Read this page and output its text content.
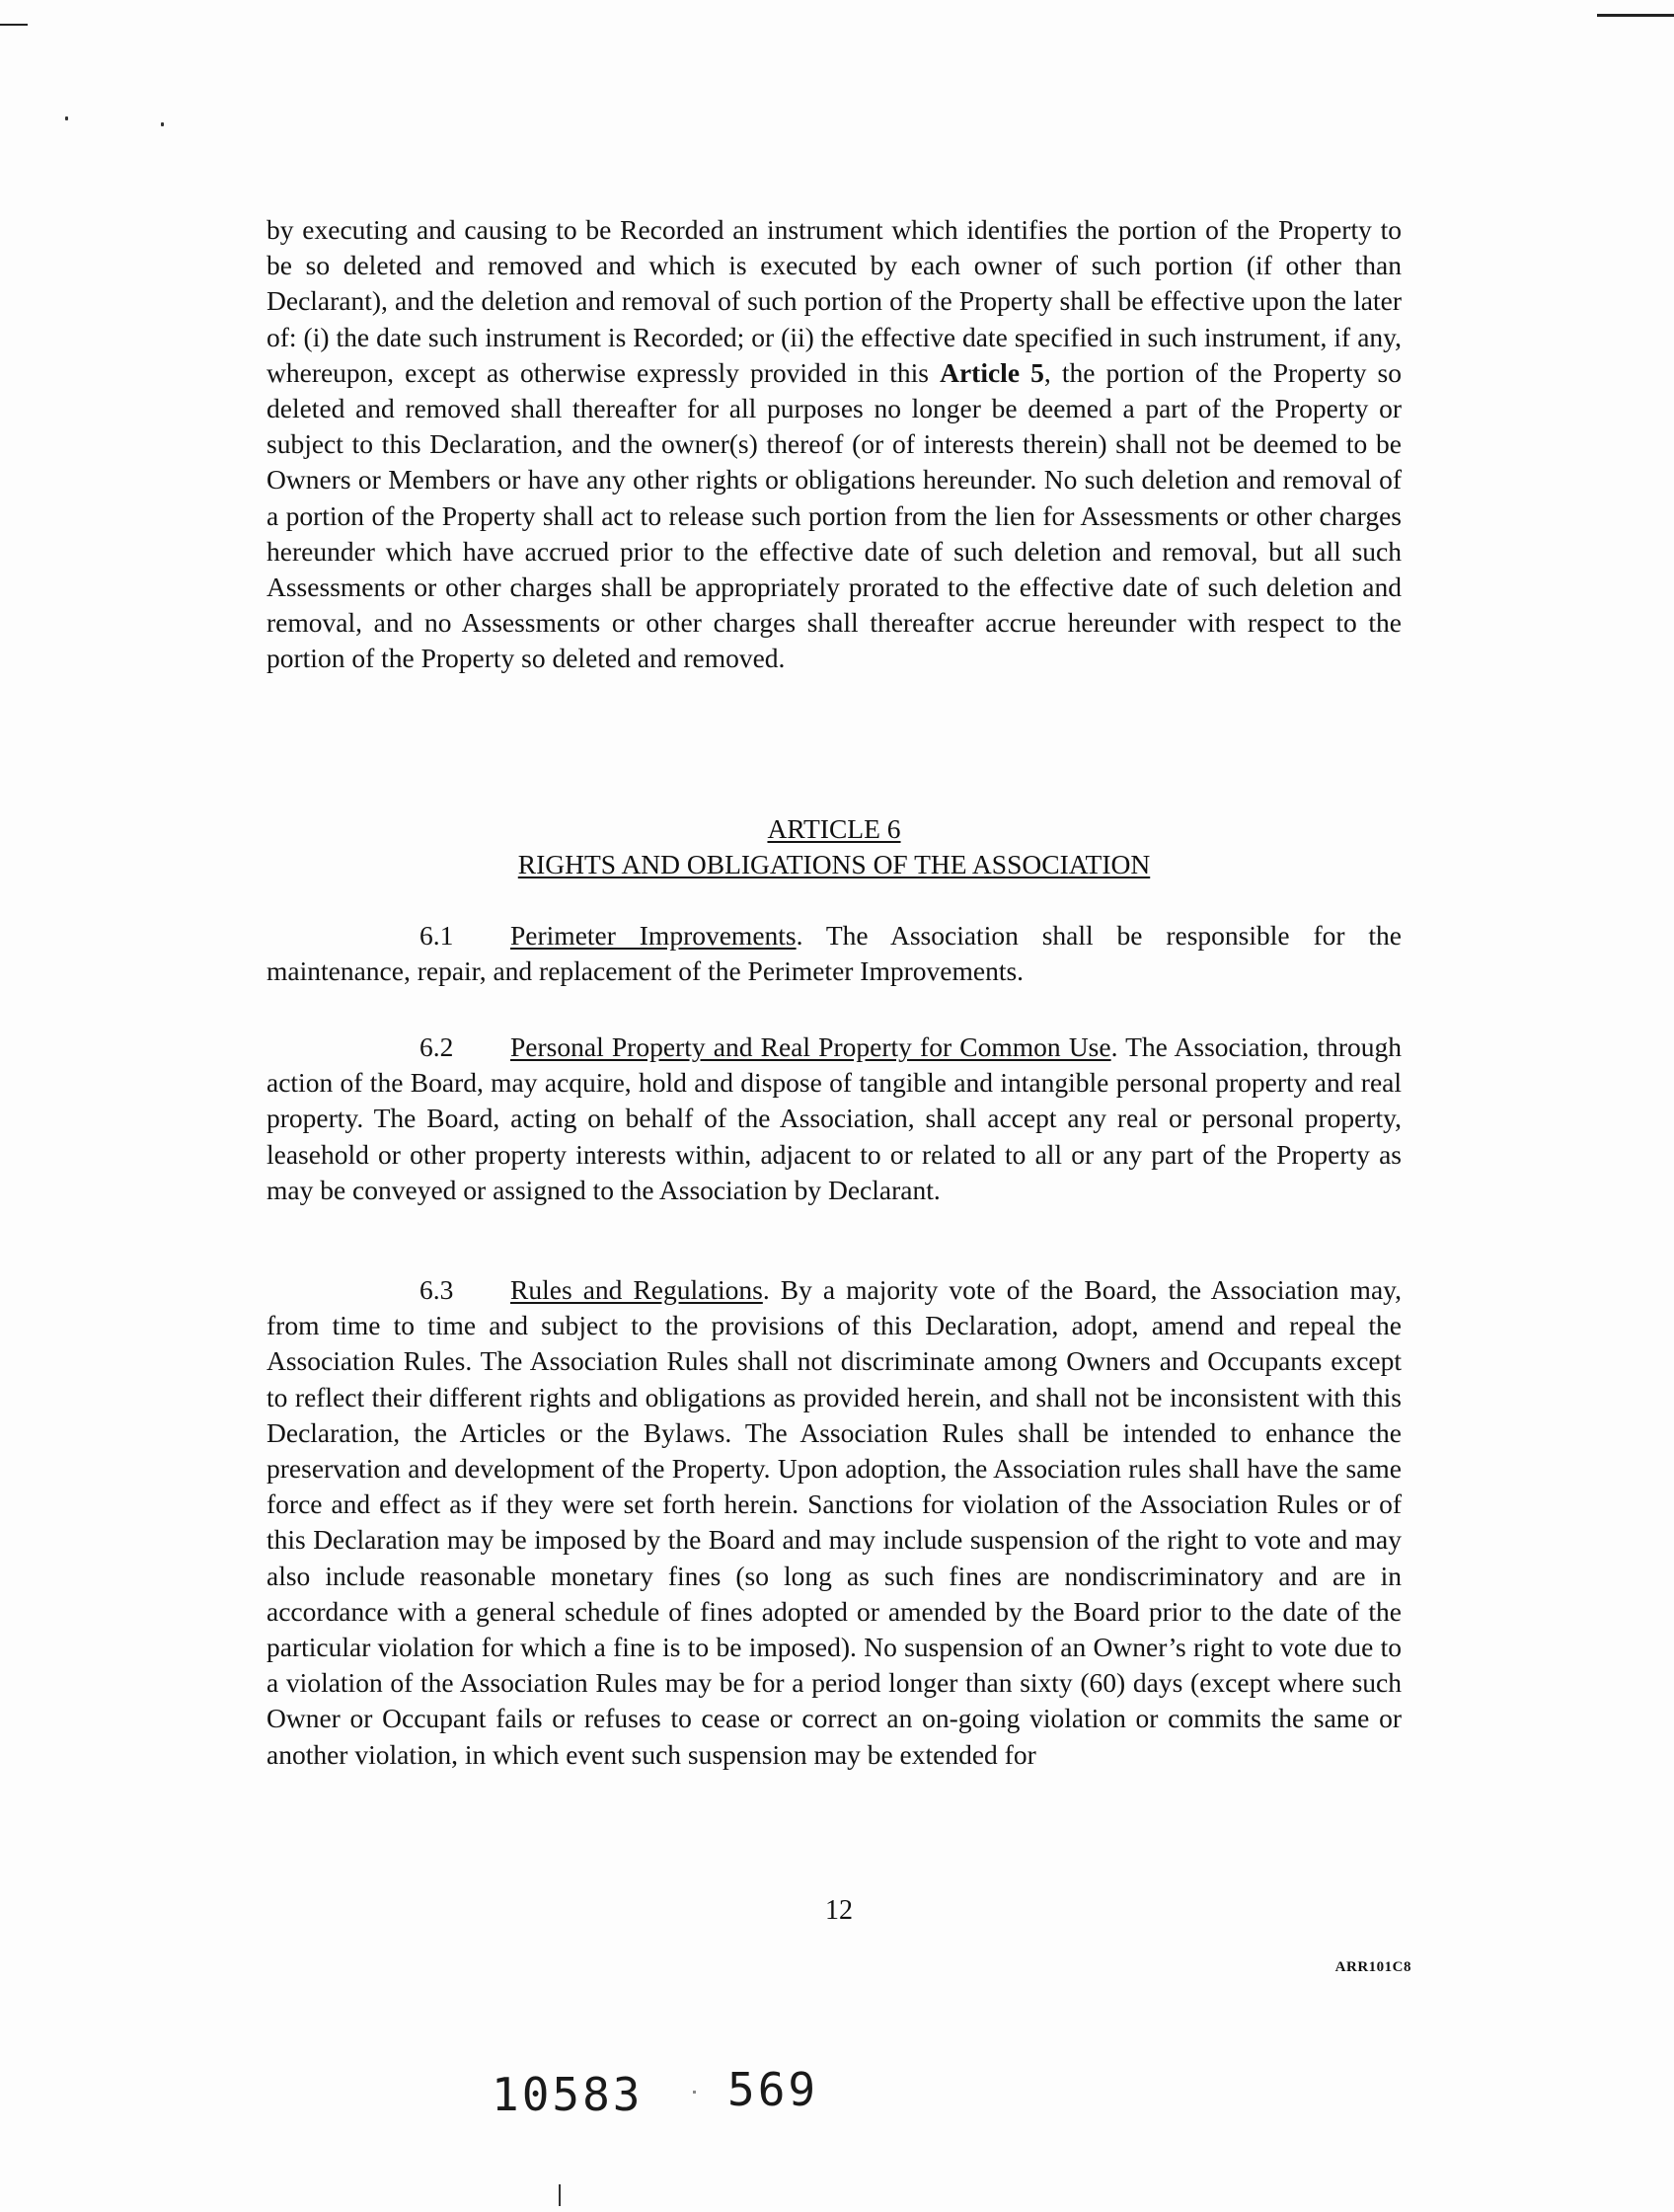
by executing and causing to be Recorded an instrument which identifies the portion of the Property to be so deleted and removed and which is executed by each owner of such portion (if other than Declarant), and the deletion and removal of such portion of the Property shall be effective upon the later of: (i) the date such instrument is Recorded; or (ii) the effective date specified in such instrument, if any, whereupon, except as otherwise expressly provided in this Article 5, the portion of the Property so deleted and removed shall thereafter for all purposes no longer be deemed a part of the Property or subject to this Declaration, and the owner(s) thereof (or of interests therein) shall not be deemed to be Owners or Members or have any other rights or obligations hereunder. No such deletion and removal of a portion of the Property shall act to release such portion from the lien for Assessments or other charges hereunder which have accrued prior to the effective date of such deletion and removal, but all such Assessments or other charges shall be appropriately prorated to the effective date of such deletion and removal, and no Assessments or other charges shall thereafter accrue hereunder with respect to the portion of the Property so deleted and removed.

ARTICLE 6
RIGHTS AND OBLIGATIONS OF THE ASSOCIATION

6.1 Perimeter Improvements. The Association shall be responsible for the maintenance, repair, and replacement of the Perimeter Improvements.

6.2 Personal Property and Real Property for Common Use. The Association, through action of the Board, may acquire, hold and dispose of tangible and intangible personal property and real property. The Board, acting on behalf of the Association, shall accept any real or personal property, leasehold or other property interests within, adjacent to or related to all or any part of the Property as may be conveyed or assigned to the Association by Declarant.

6.3 Rules and Regulations. By a majority vote of the Board, the Association may, from time to time and subject to the provisions of this Declaration, adopt, amend and repeal the Association Rules. The Association Rules shall not discriminate among Owners and Occupants except to reflect their different rights and obligations as provided herein, and shall not be inconsistent with this Declaration, the Articles or the Bylaws. The Association Rules shall be intended to enhance the preservation and development of the Property. Upon adoption, the Association rules shall have the same force and effect as if they were set forth herein. Sanctions for violation of the Association Rules or of this Declaration may be imposed by the Board and may include suspension of the right to vote and may also include reasonable monetary fines (so long as such fines are nondiscriminatory and are in accordance with a general schedule of fines adopted or amended by the Board prior to the date of the particular violation for which a fine is to be imposed). No suspension of an Owner’s right to vote due to a violation of the Association Rules may be for a period longer than sixty (60) days (except where such Owner or Occupant fails or refuses to cease or correct an on-going violation or commits the same or another violation, in which event such suspension may be extended for

12
ARR101C8
10583 569
